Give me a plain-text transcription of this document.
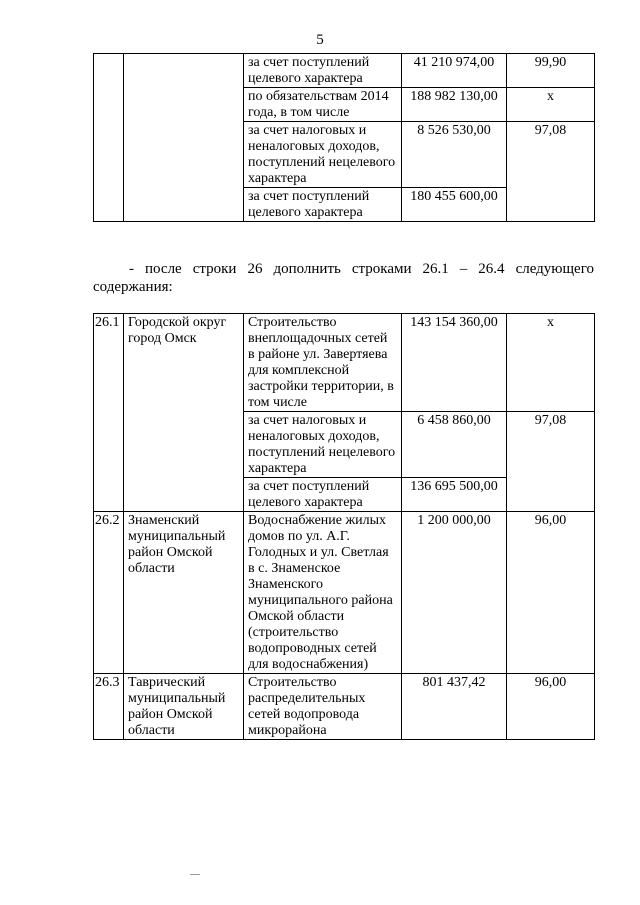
5
		за счет поступлений целевого характера	41 210 974,00	99,90
		по обязательствам 2014 года, в том числе	188 982 130,00	х
		за счет налоговых и неналоговых доходов, поступлений нецелевого характера	8 526 530,00	97,08
		за счет поступлений целевого характера	180 455 600,00	
- после строки 26 дополнить строками 26.1 – 26.4 следующего
содержания:
26.1	Городской округ город Омск	Строительство внеплощадочных сетей в районе ул. Завертяева для комплексной застройки территории, в том числе	143 154 360,00	х
		за счет налоговых и неналоговых доходов, поступлений нецелевого характера	6 458 860,00	97,08
		за счет поступлений целевого характера	136 695 500,00	
26.2	Знаменский муниципальный район Омской области	Водоснабжение жилых домов по ул. А.Г. Голодных и ул. Светлая в с. Знаменское Знаменского муниципального района Омской области (строительство водопроводных сетей для водоснабжения)	1 200 000,00	96,00
26.3	Таврический муниципальный район Омской области	Строительство распределительных сетей водопровода микрорайона	801 437,42	96,00
